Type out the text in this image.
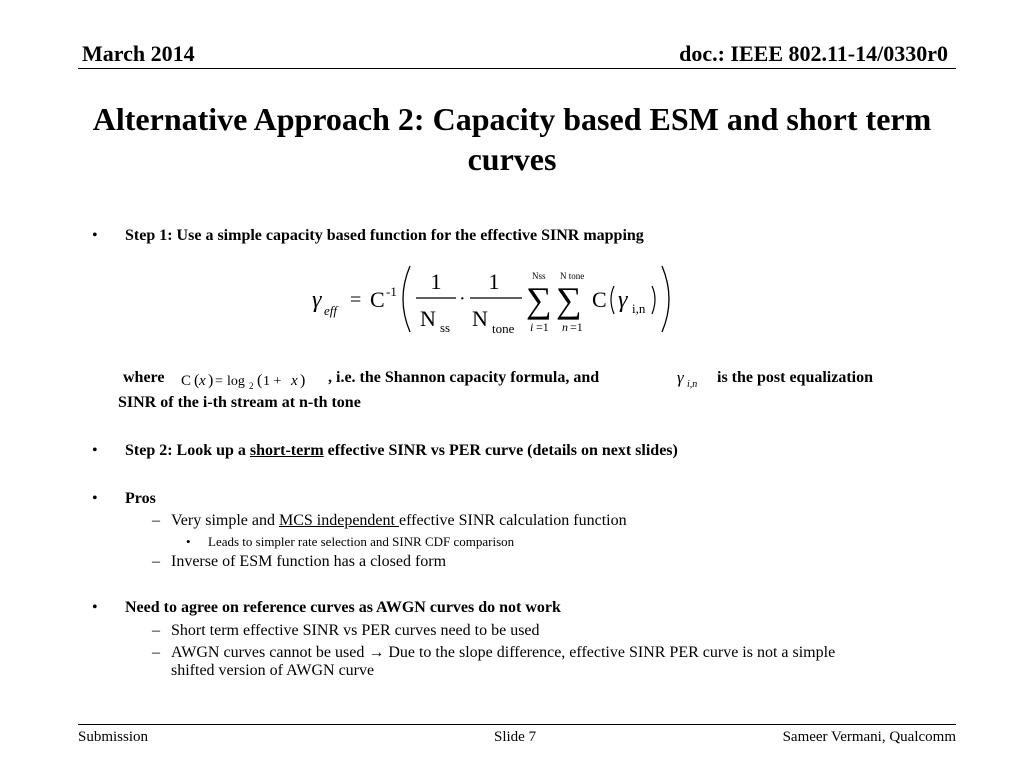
March 2014	doc.: IEEE 802.11-14/0330r0
Alternative Approach 2: Capacity based ESM and short term curves
• Step 1: Use a simple capacity based function for the effective SINR mapping
γ eff = C -1 1
N ss
·
1
N tone
Nss
∑
i =1
N tone
∑
n =1
C γ i,n
where C ( x ) = log 2 ( 1 + x ) , i.e. the Shannon capacity formula, and	γ i,n is the post equalization
SINR of the i-th stream at n-th tone
• Step 2: Look up a short-term effective SINR vs PER curve (details on next slides)
• Pros
– Very simple and MCS independent effective SINR calculation function
• Leads to simpler rate selection and SINR CDF comparison
– Inverse of ESM function has a closed form
• Need to agree on reference curves as AWGN curves do not work
– Short term effective SINR vs PER curves need to be used
– AWGN curves cannot be used → Due to the slope difference, effective SINR PER curve is not a simple
shifted version of AWGN curve
Submission	Slide 7	Sameer Vermani, Qualcomm
